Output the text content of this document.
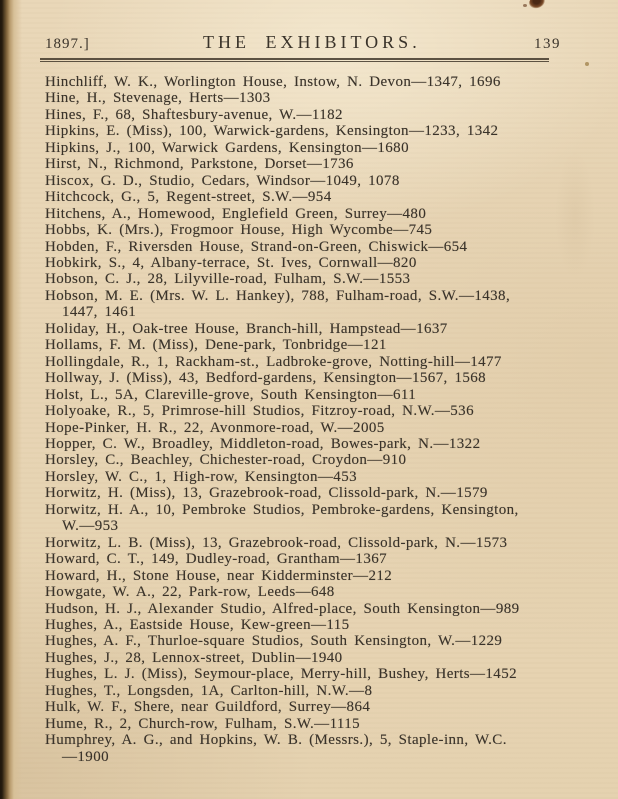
1897.]	THE EXHIBITORS.	139
Hinchliff, W. K., Worlington House, Instow, N. Devon—1347, 1696
Hine, H., Stevenage, Herts—1303
Hines, F., 68, Shaftesbury-avenue, W.—1182
Hipkins, E. (Miss), 100, Warwick-gardens, Kensington—1233, 1342
Hipkins, J., 100, Warwick Gardens, Kensington—1680
Hirst, N., Richmond, Parkstone, Dorset—1736
Hiscox, G. D., Studio, Cedars, Windsor—1049, 1078
Hitchcock, G., 5, Regent-street, S.W.—954
Hitchens, A., Homewood, Englefield Green, Surrey—480
Hobbs, K. (Mrs.), Frogmoor House, High Wycombe—745
Hobden, F., Riversden House, Strand-on-Green, Chiswick—654
Hobkirk, S., 4, Albany-terrace, St. Ives, Cornwall—820
Hobson, C. J., 28, Lilyville-road, Fulham, S.W.—1553
Hobson, M. E. (Mrs. W. L. Hankey), 788, Fulham-road, S.W.—1438,
1447, 1461
Holiday, H., Oak-tree House, Branch-hill, Hampstead—1637
Hollams, F. M. (Miss), Dene-park, Tonbridge—121
Hollingdale, R., 1, Rackham-st., Ladbroke-grove, Notting-hill—1477
Hollway, J. (Miss), 43, Bedford-gardens, Kensington—1567, 1568
Holst, L., 5A, Clareville-grove, South Kensington—611
Holyoake, R., 5, Primrose-hill Studios, Fitzroy-road, N.W.—536
Hope-Pinker, H. R., 22, Avonmore-road, W.—2005
Hopper, C. W., Broadley, Middleton-road, Bowes-park, N.—1322
Horsley, C., Beachley, Chichester-road, Croydon—910
Horsley, W. C., 1, High-row, Kensington—453
Horwitz, H. (Miss), 13, Grazebrook-road, Clissold-park, N.—1579
Horwitz, H. A., 10, Pembroke Studios, Pembroke-gardens, Kensington,
W.—953
Horwitz, L. B. (Miss), 13, Grazebrook-road, Clissold-park, N.—1573
Howard, C. T., 149, Dudley-road, Grantham—1367
Howard, H., Stone House, near Kidderminster—212
Howgate, W. A., 22, Park-row, Leeds—648
Hudson, H. J., Alexander Studio, Alfred-place, South Kensington—989
Hughes, A., Eastside House, Kew-green—115
Hughes, A. F., Thurloe-square Studios, South Kensington, W.—1229
Hughes, J., 28, Lennox-street, Dublin—1940
Hughes, L. J. (Miss), Seymour-place, Merry-hill, Bushey, Herts—1452
Hughes, T., Longsden, 1A, Carlton-hill, N.W.—8
Hulk, W. F., Shere, near Guildford, Surrey—864
Hume, R., 2, Church-row, Fulham, S.W.—1115
Humphrey, A. G., and Hopkins, W. B. (Messrs.), 5, Staple-inn, W.C.
—1900
